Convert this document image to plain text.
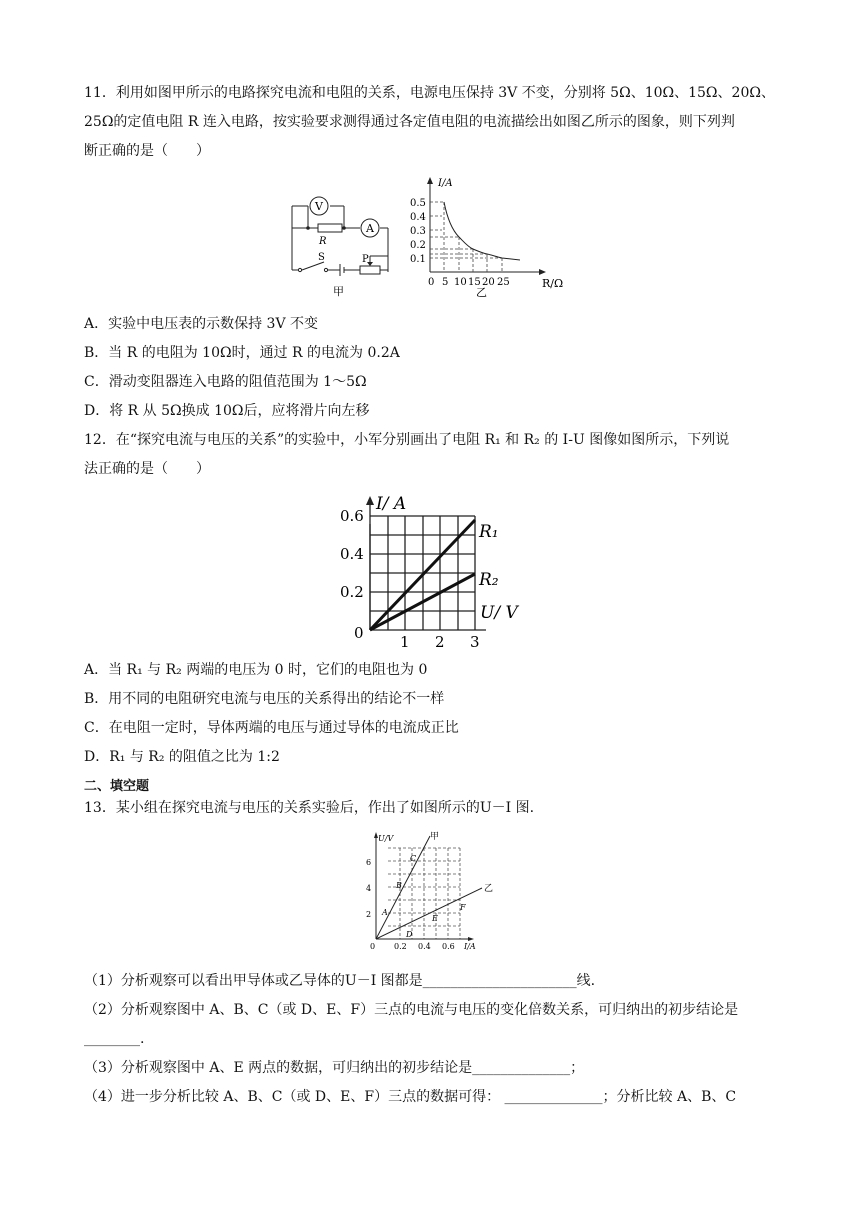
11．利用如图甲所示的电路探究电流和电阻的关系，电源电压保持 3V 不变，分别将 5Ω、10Ω、15Ω、20Ω、
25Ω的定值电阻 R 连入电路，按实验要求测得通过各定值电阻的电流描绘出如图乙所示的图象，则下列判
断正确的是（　　）
V
A
R
S	P
甲
I/A
0.5
0.4
0.3
0.2
0.1
0 5 10 15 20 25	R/Ω
乙
A．实验中电压表的示数保持 3V 不变
B．当 R 的电阻为 10Ω时，通过 R 的电流为 0.2A
C．滑动变阻器连入电路的阻值范围为 1～5Ω
D．将 R 从 5Ω换成 10Ω后，应将滑片向左移
12．在“探究电流与电压的关系”的实验中，小军分别画出了电阻 R₁ 和 R₂ 的 I-U 图像如图所示，下列说
法正确的是（　　）
I/ A
0.6
0.4
0.2
0 1 2 3
U/ V
R₁
R₂
A．当 R₁ 与 R₂ 两端的电压为 0 时，它们的电阻也为 0
B．用不同的电阻研究电流与电压的关系得出的结论不一样
C．在电阻一定时，导体两端的电压与通过导体的电流成正比
D．R₁ 与 R₂ 的阻值之比为 1:2
二、填空题
13．某小组在探究电流与电压的关系实验后，作出了如图所示的U－I 图.
U/V
6
4
2
0 0.2 0.4 0.6 I/A
甲
乙
A
B
C
D
E
F
（1）分析观察可以看出甲导体或乙导体的U－I 图都是______________________线.
（2）分析观察图中 A、B、C（或 D、E、F）三点的电流与电压的变化倍数关系，可归纳出的初步结论是
________.
（3）分析观察图中 A、E 两点的数据，可归纳出的初步结论是______________；
（4）进一步分析比较 A、B、C（或 D、E、F）三点的数据可得： ______________；分析比较 A、B、C
